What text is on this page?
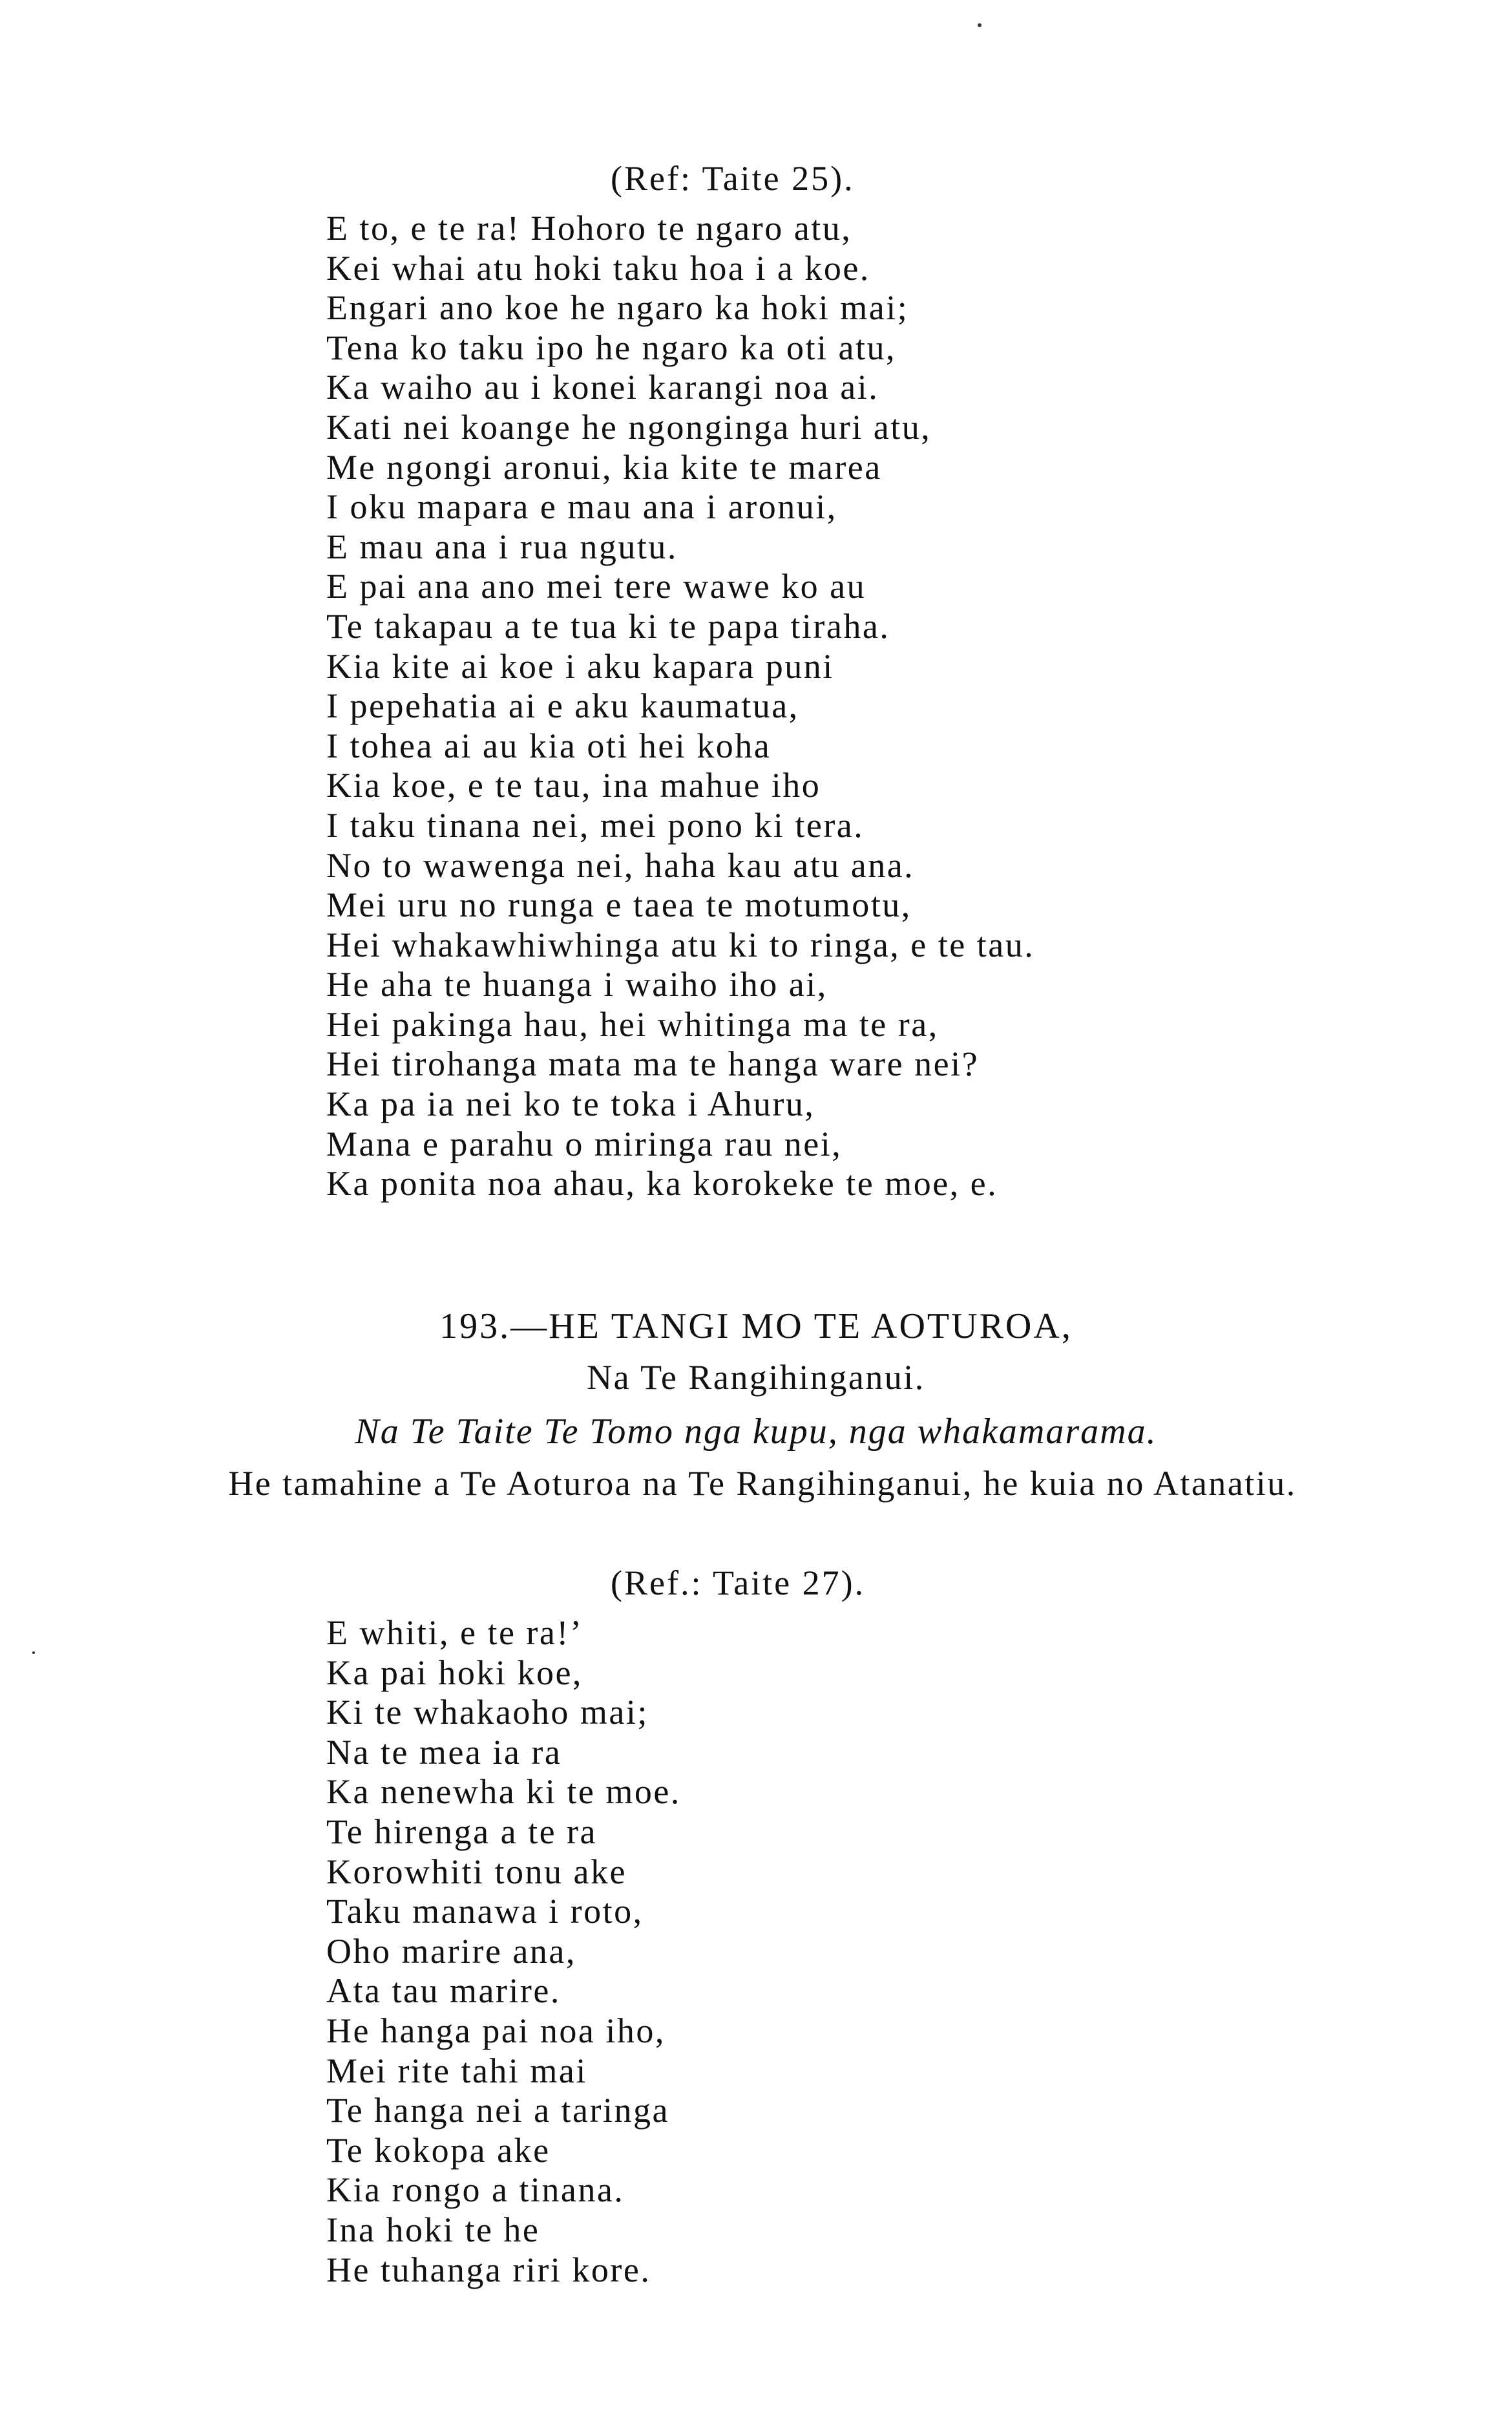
(Ref: Taite 25).
E to, e te ra! Hohoro te ngaro atu,
Kei whai atu hoki taku hoa i a koe.
Engari ano koe he ngaro ka hoki mai;
Tena ko taku ipo he ngaro ka oti atu,
Ka waiho au i konei karangi noa ai.
Kati nei koange he ngonginga huri atu,
Me ngongi aronui, kia kite te marea
I oku mapara e mau ana i aronui,
E mau ana i rua ngutu.
E pai ana ano mei tere wawe ko au
Te takapau a te tua ki te papa tiraha.
Kia kite ai koe i aku kapara puni
I pepehatia ai e aku kaumatua,
I tohea ai au kia oti hei koha
Kia koe, e te tau, ina mahue iho
I taku tinana nei, mei pono ki tera.
No to wawenga nei, haha kau atu ana.
Mei uru no runga e taea te motumotu,
Hei whakawhiwhinga atu ki to ringa, e te tau.
He aha te huanga i waiho iho ai,
Hei pakinga hau, hei whitinga ma te ra,
Hei tirohanga mata ma te hanga ware nei?
Ka pa ia nei ko te toka i Ahuru,
Mana e parahu o miringa rau nei,
Ka ponita noa ahau, ka korokeke te moe, e.
193.—HE TANGI MO TE AOTUROA,
Na Te Rangihinganui.
Na Te Taite Te Tomo nga kupu, nga whakamarama.
He tamahine a Te Aoturoa na Te Rangihinganui, he kuia no Atanatiu.
(Ref.: Taite 27).
E whiti, e te ra!’
Ka pai hoki koe,
Ki te whakaoho mai;
Na te mea ia ra
Ka nenewha ki te moe.
Te hirenga a te ra
Korowhiti tonu ake
Taku manawa i roto,
Oho marire ana,
Ata tau marire.
He hanga pai noa iho,
Mei rite tahi mai
Te hanga nei a taringa
Te kokopa ake
Kia rongo a tinana.
Ina hoki te he
He tuhanga riri kore.
